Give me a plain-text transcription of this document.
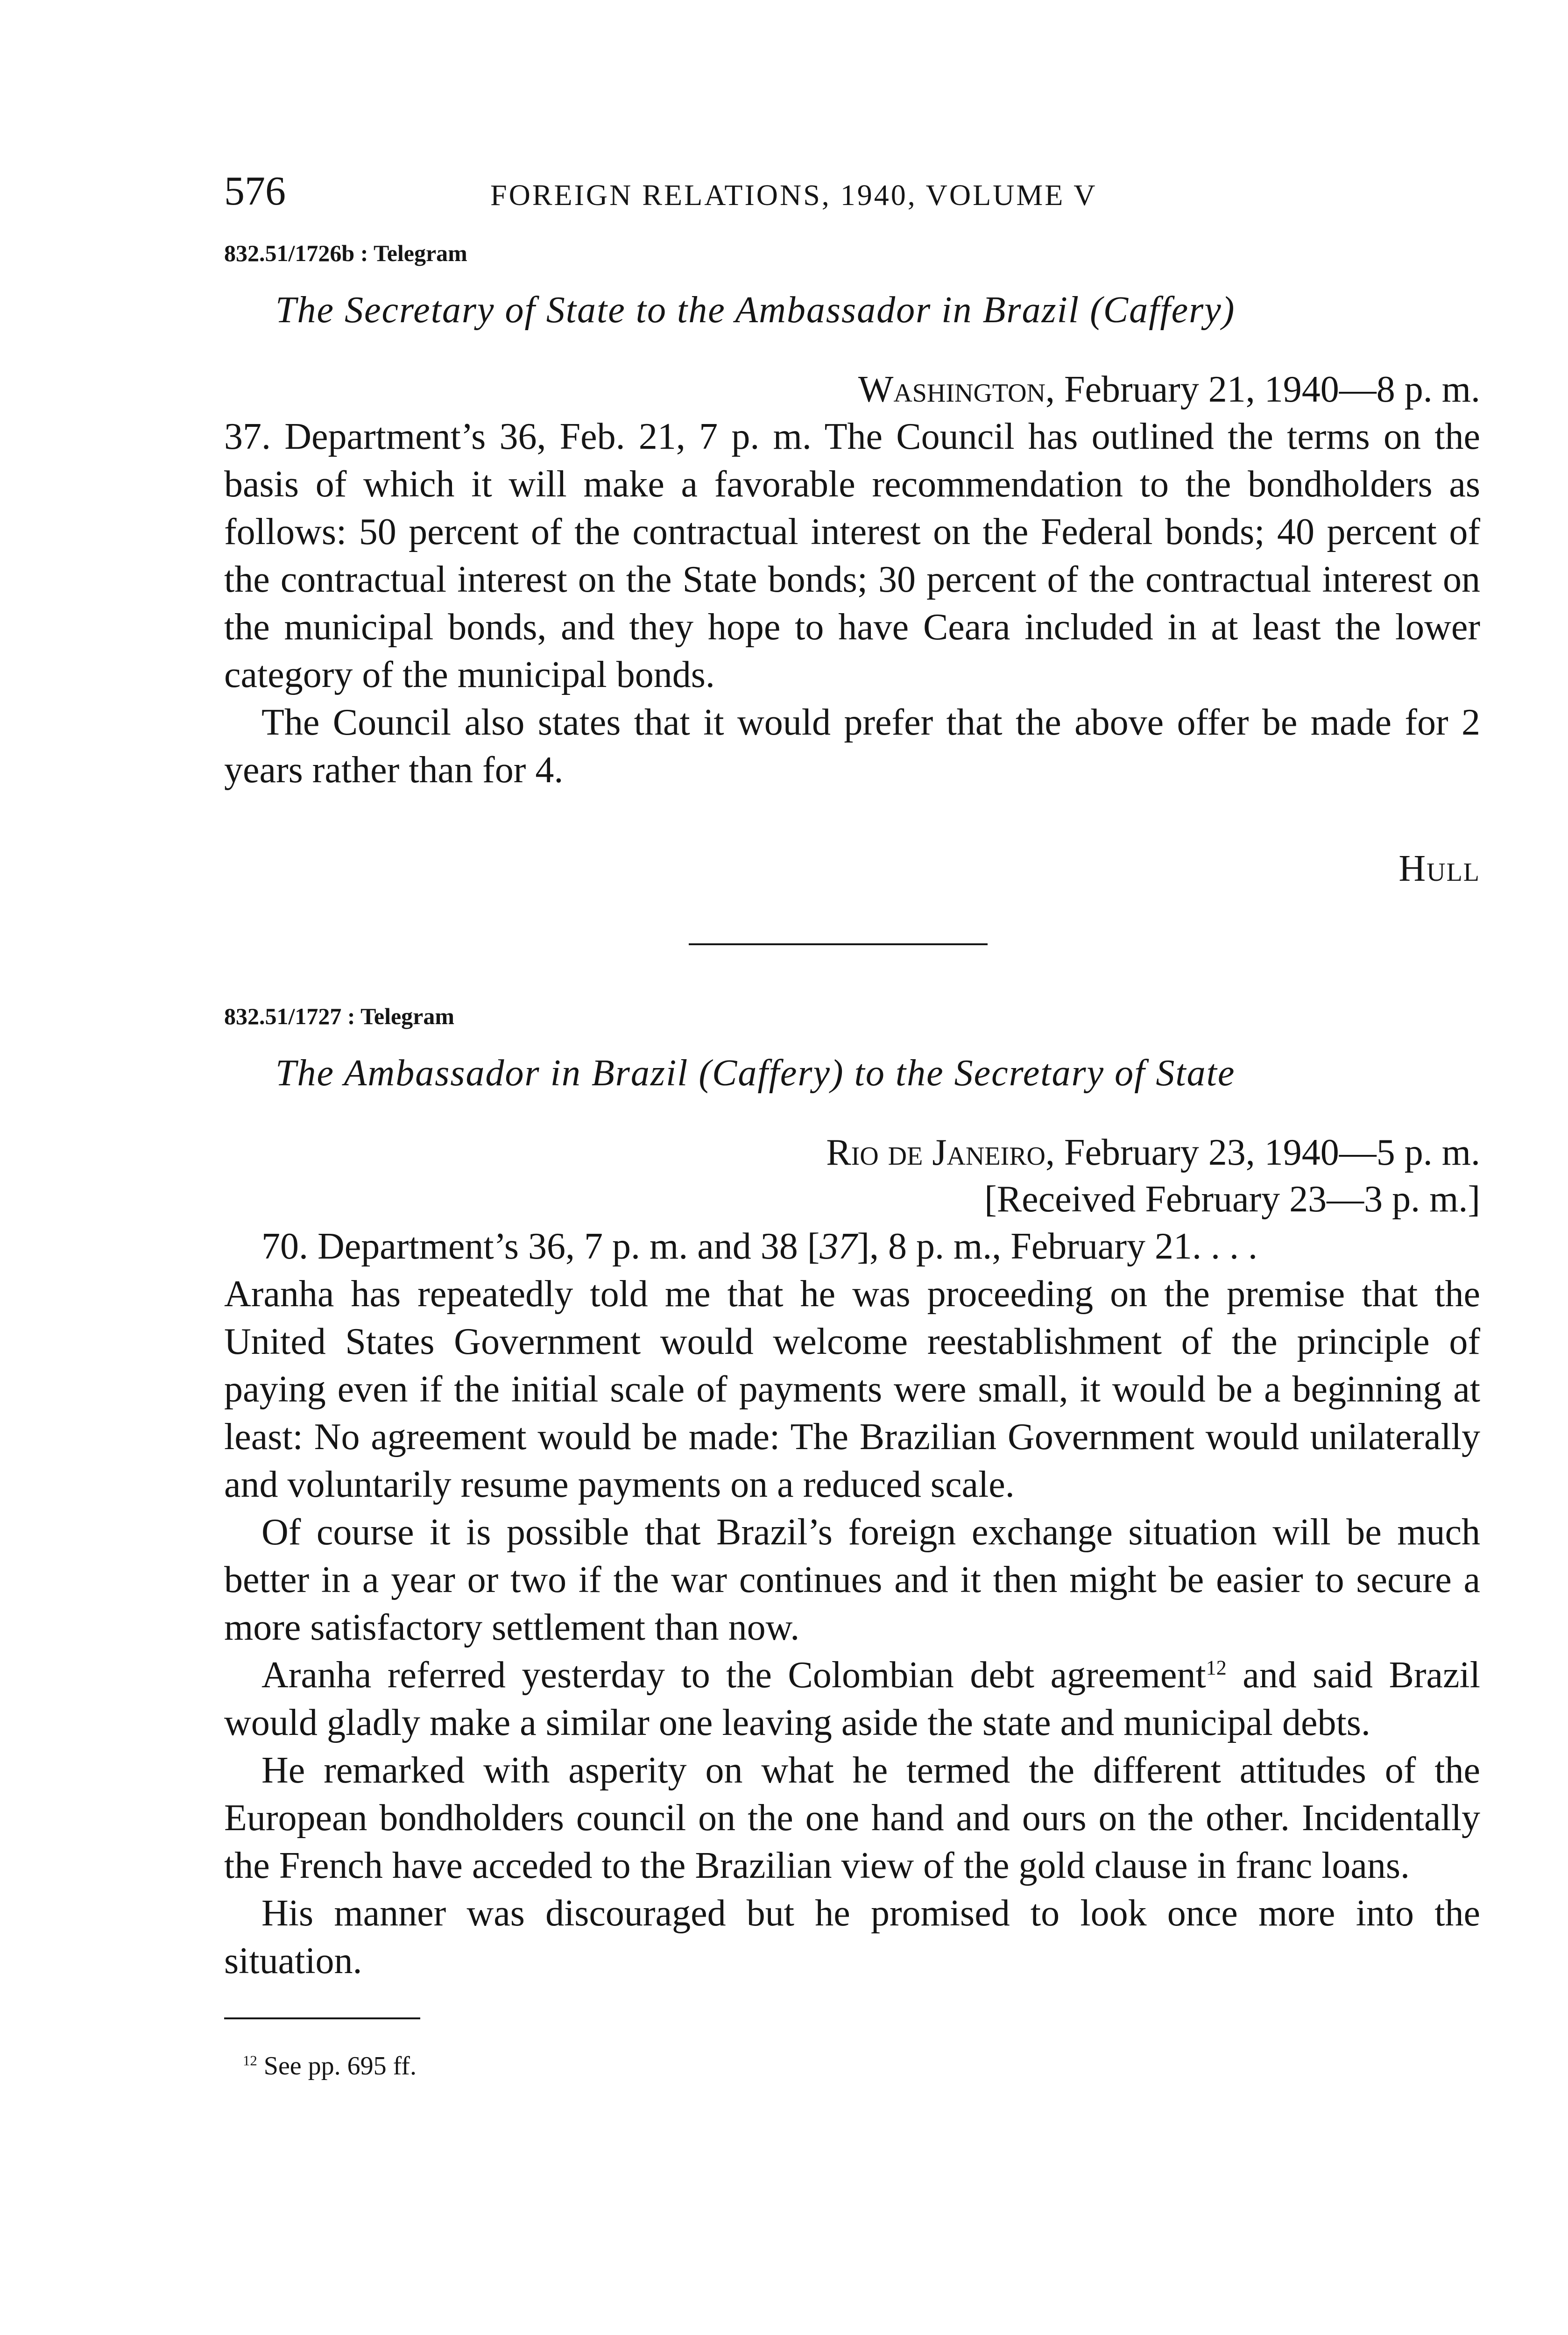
576	FOREIGN RELATIONS, 1940, VOLUME V
832.51/1726b : Telegram
The Secretary of State to the Ambassador in Brazil (Caffery)
Washington, February 21, 1940—8 p. m.

37. Department’s 36, Feb. 21, 7 p. m. The Council has outlined the terms on the basis of which it will make a favorable recommendation to the bondholders as follows: 50 percent of the contractual interest on the Federal bonds; 40 percent of the contractual interest on the State bonds; 30 percent of the contractual interest on the municipal bonds, and they hope to have Ceara included in at least the lower category of the municipal bonds.

The Council also states that it would prefer that the above offer be made for 2 years rather than for 4.

Hull
832.51/1727 : Telegram
The Ambassador in Brazil (Caffery) to the Secretary of State
Rio de Janeiro, February 23, 1940—5 p. m.
[Received February 23—3 p. m.]

70. Department’s 36, 7 p. m. and 38 [37], 8 p. m., February 21. . . .

Aranha has repeatedly told me that he was proceeding on the premise that the United States Government would welcome reestablishment of the principle of paying even if the initial scale of payments were small, it would be a beginning at least: No agreement would be made: The Brazilian Government would unilaterally and voluntarily resume payments on a reduced scale.

Of course it is possible that Brazil’s foreign exchange situation will be much better in a year or two if the war continues and it then might be easier to secure a more satisfactory settlement than now.

Aranha referred yesterday to the Colombian debt agreement$^{12}$ and said Brazil would gladly make a similar one leaving aside the state and municipal debts.

He remarked with asperity on what he termed the different attitudes of the European bondholders council on the one hand and ours on the other. Incidentally the French have acceded to the Brazilian view of the gold clause in franc loans.

His manner was discouraged but he promised to look once more into the situation.

$^{12}$ See pp. 695 ff.
